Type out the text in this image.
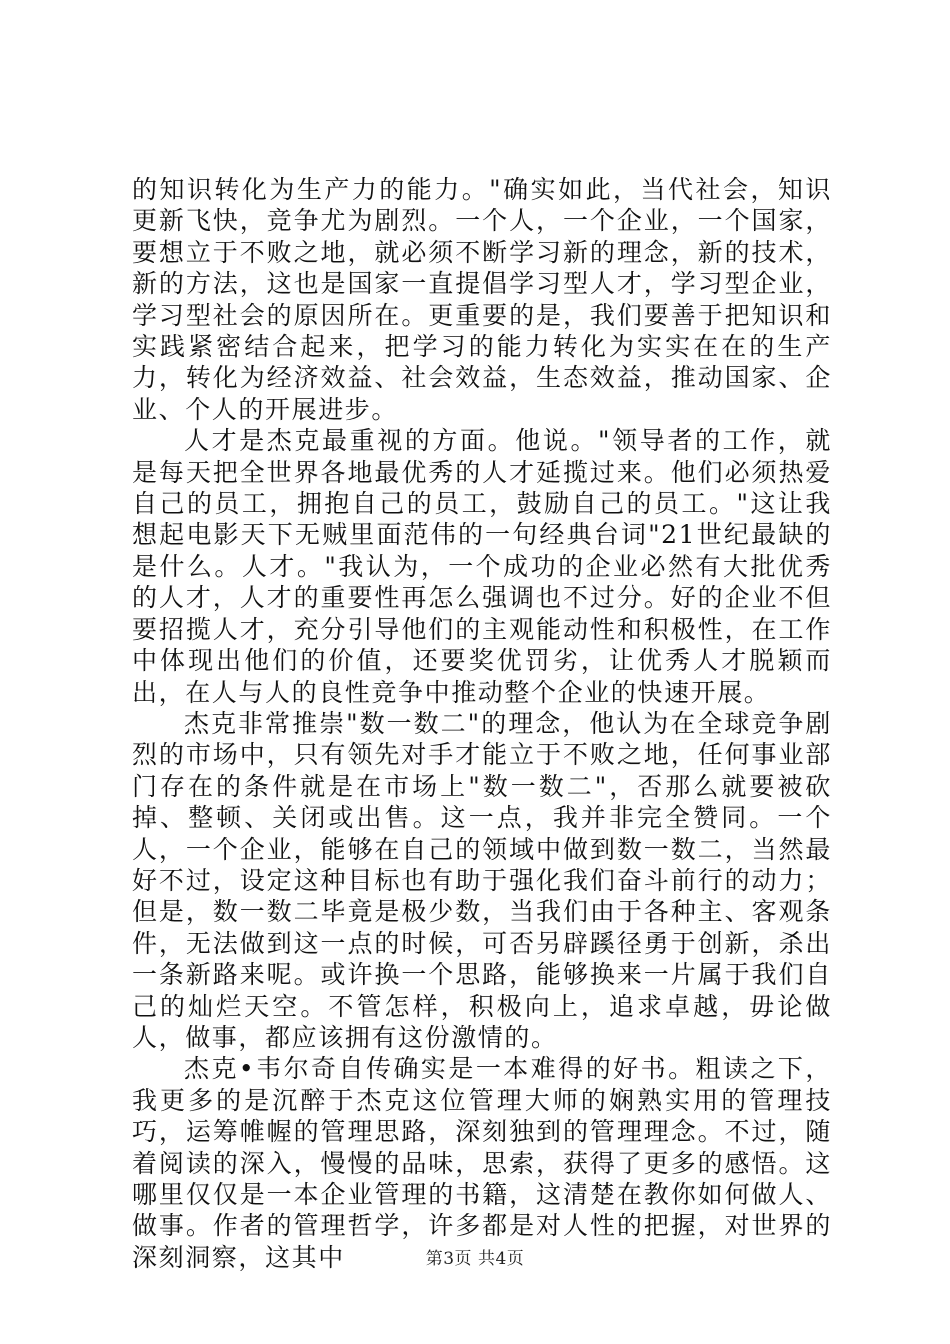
的知识转化为生产力的能力。"确实如此，当代社会，知识更新飞快，竞争尤为剧烈。一个人，一个企业，一个国家，要想立于不败之地，就必须不断学习新的理念，新的技术，新的方法，这也是国家一直提倡学习型人才，学习型企业，学习型社会的原因所在。更重要的是，我们要善于把知识和实践紧密结合起来，把学习的能力转化为实实在在的生产力，转化为经济效益、社会效益，生态效益，推动国家、企业、个人的开展进步。

人才是杰克最重视的方面。他说。"领导者的工作，就是每天把全世界各地最优秀的人才延揽过来。他们必须热爱自己的员工，拥抱自己的员工，鼓励自己的员工。"这让我想起电影天下无贼里面范伟的一句经典台词"21世纪最缺的是什么。人才。"我认为，一个成功的企业必然有大批优秀的人才，人才的重要性再怎么强调也不过分。好的企业不但要招揽人才，充分引导他们的主观能动性和积极性，在工作中体现出他们的价值，还要奖优罚劣，让优秀人才脱颖而出，在人与人的良性竞争中推动整个企业的快速开展。

杰克非常推崇"数一数二"的理念，他认为在全球竞争剧烈的市场中，只有领先对手才能立于不败之地，任何事业部门存在的条件就是在市场上"数一数二"，否那么就要被砍掉、整顿、关闭或出售。这一点，我并非完全赞同。一个人，一个企业，能够在自己的领域中做到数一数二，当然最好不过，设定这种目标也有助于强化我们奋斗前行的动力；但是，数一数二毕竟是极少数，当我们由于各种主、客观条件，无法做到这一点的时候，可否另辟蹊径勇于创新，杀出一条新路来呢。或许换一个思路，能够换来一片属于我们自己的灿烂天空。不管怎样，积极向上，追求卓越，毋论做人，做事，都应该拥有这份激情的。

杰克•韦尔奇自传确实是一本难得的好书。粗读之下，我更多的是沉醉于杰克这位管理大师的娴熟实用的管理技巧，运筹帷幄的管理思路，深刻独到的管理理念。不过，随着阅读的深入，慢慢的品味，思索，获得了更多的感悟。这哪里仅仅是一本企业管理的书籍，这清楚在教你如何做人、做事。作者的管理哲学，许多都是对人性的把握，对世界的深刻洞察，这其中	第3页 共4页
